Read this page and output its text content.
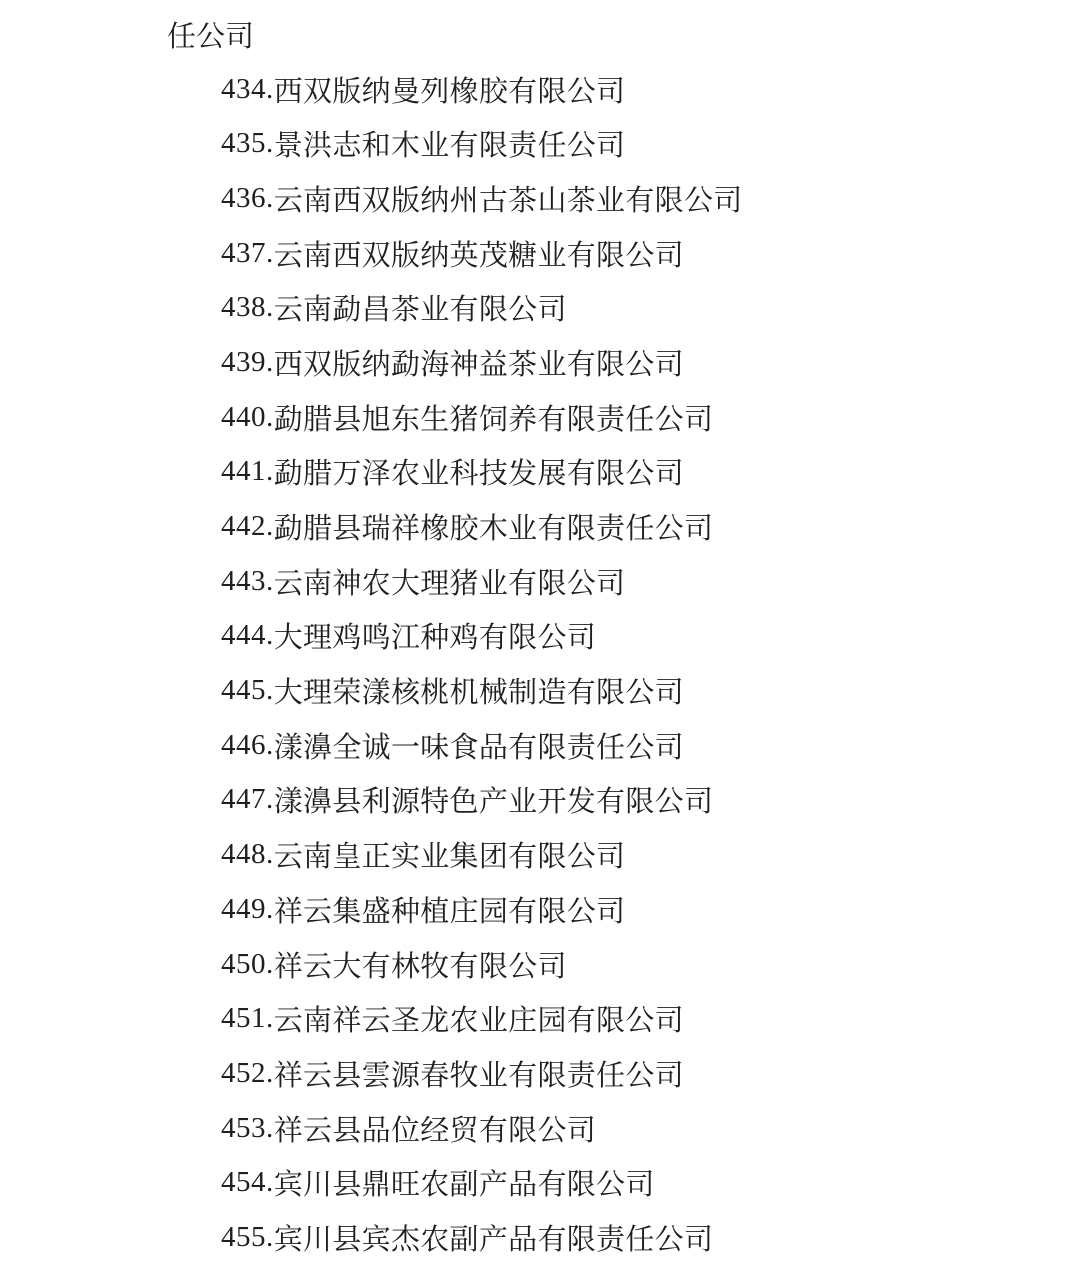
任公司
434. 西双版纳曼列橡胶有限公司
435. 景洪志和木业有限责任公司
436. 云南西双版纳州古茶山茶业有限公司
437. 云南西双版纳英茂糖业有限公司
438. 云南勐昌茶业有限公司
439. 西双版纳勐海神益茶业有限公司
440. 勐腊县旭东生猪饲养有限责任公司
441. 勐腊万泽农业科技发展有限公司
442. 勐腊县瑞祥橡胶木业有限责任公司
443. 云南神农大理猪业有限公司
444. 大理鸡鸣江种鸡有限公司
445. 大理荣漾核桃机械制造有限公司
446. 漾濞全诚一味食品有限责任公司
447. 漾濞县利源特色产业开发有限公司
448. 云南皇正实业集团有限公司
449. 祥云集盛种植庄园有限公司
450. 祥云大有林牧有限公司
451. 云南祥云圣龙农业庄园有限公司
452. 祥云县雲源春牧业有限责任公司
453. 祥云县品位经贸有限公司
454. 宾川县鼎旺农副产品有限公司
455. 宾川县宾杰农副产品有限责任公司
